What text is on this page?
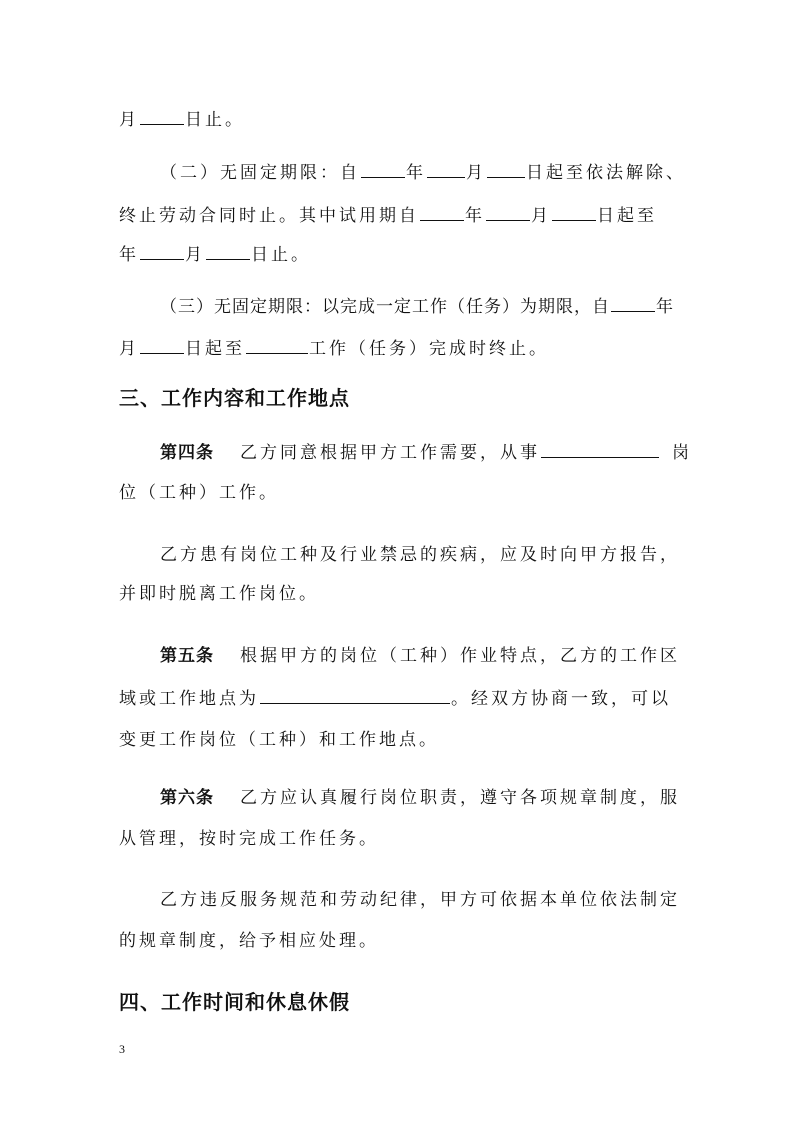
月	日止。
（二）无固定期限：自	年 月 日起至依法解除、
终止劳动合同时止。其中试用期自	年	月	日起至
年	月	日止。
（三）无固定期限：以完成一定工作（任务）为期限，自	年
月	日起至	工作（任务）完成时终止。
三、工作内容和工作地点
第四条 乙方同意根据甲方工作需要，从事	岗
位（工种）工作。
乙方患有岗位工种及行业禁忌的疾病，应及时向甲方报告，
并即时脱离工作岗位。
第五条 根据甲方的岗位（工种）作业特点，乙方的工作区
域或工作地点为	。经双方协商一致，可以
变更工作岗位（工种）和工作地点。
第六条 乙方应认真履行岗位职责，遵守各项规章制度，服
从管理，按时完成工作任务。
乙方违反服务规范和劳动纪律，甲方可依据本单位依法制定
的规章制度，给予相应处理。
四、工作时间和休息休假
3
